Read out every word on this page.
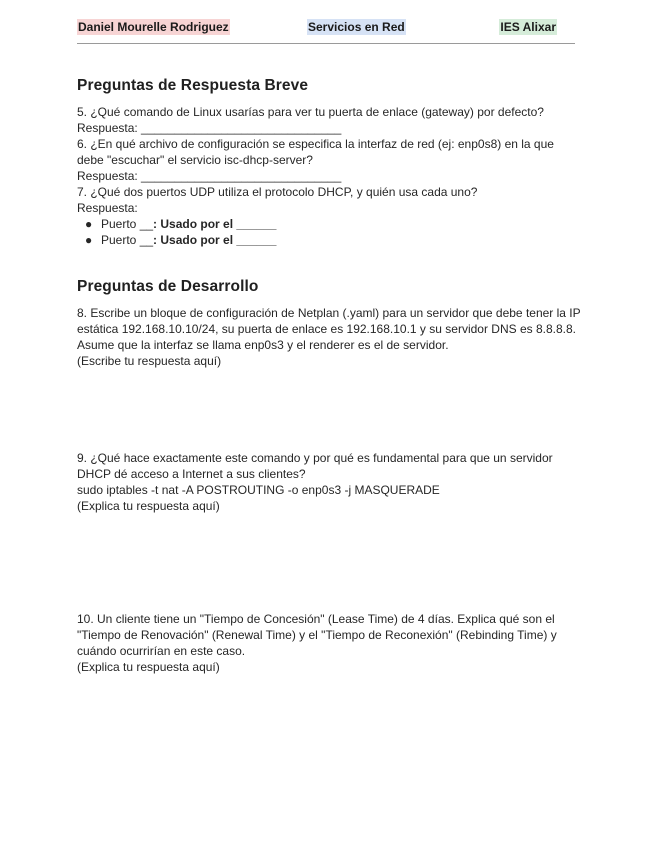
Daniel Mourelle Rodriguez	Servicios en Red	IES Alixar
Preguntas de Respuesta Breve
5. ¿Qué comando de Linux usarías para ver tu puerta de enlace (gateway) por defecto?
Respuesta: ______________________________
6. ¿En qué archivo de configuración se especifica la interfaz de red (ej: enp0s8) en la que
debe "escuchar" el servicio isc-dhcp-server?
Respuesta: ______________________________
7. ¿Qué dos puertos UDP utiliza el protocolo DHCP, y quién usa cada uno?
Respuesta:
● Puerto __: Usado por el ______
● Puerto __: Usado por el ______
Preguntas de Desarrollo
8. Escribe un bloque de configuración de Netplan (.yaml) para un servidor que debe tener la IP
estática 192.168.10.10/24, su puerta de enlace es 192.168.10.1 y su servidor DNS es 8.8.8.8.
Asume que la interfaz se llama enp0s3 y el renderer es el de servidor.
(Escribe tu respuesta aquí)
9. ¿Qué hace exactamente este comando y por qué es fundamental para que un servidor
DHCP dé acceso a Internet a sus clientes?
sudo iptables -t nat -A POSTROUTING -o enp0s3 -j MASQUERADE
(Explica tu respuesta aquí)
10. Un cliente tiene un "Tiempo de Concesión" (Lease Time) de 4 días. Explica qué son el
"Tiempo de Renovación" (Renewal Time) y el "Tiempo de Reconexión" (Rebinding Time) y
cuándo ocurrirían en este caso.
(Explica tu respuesta aquí)
